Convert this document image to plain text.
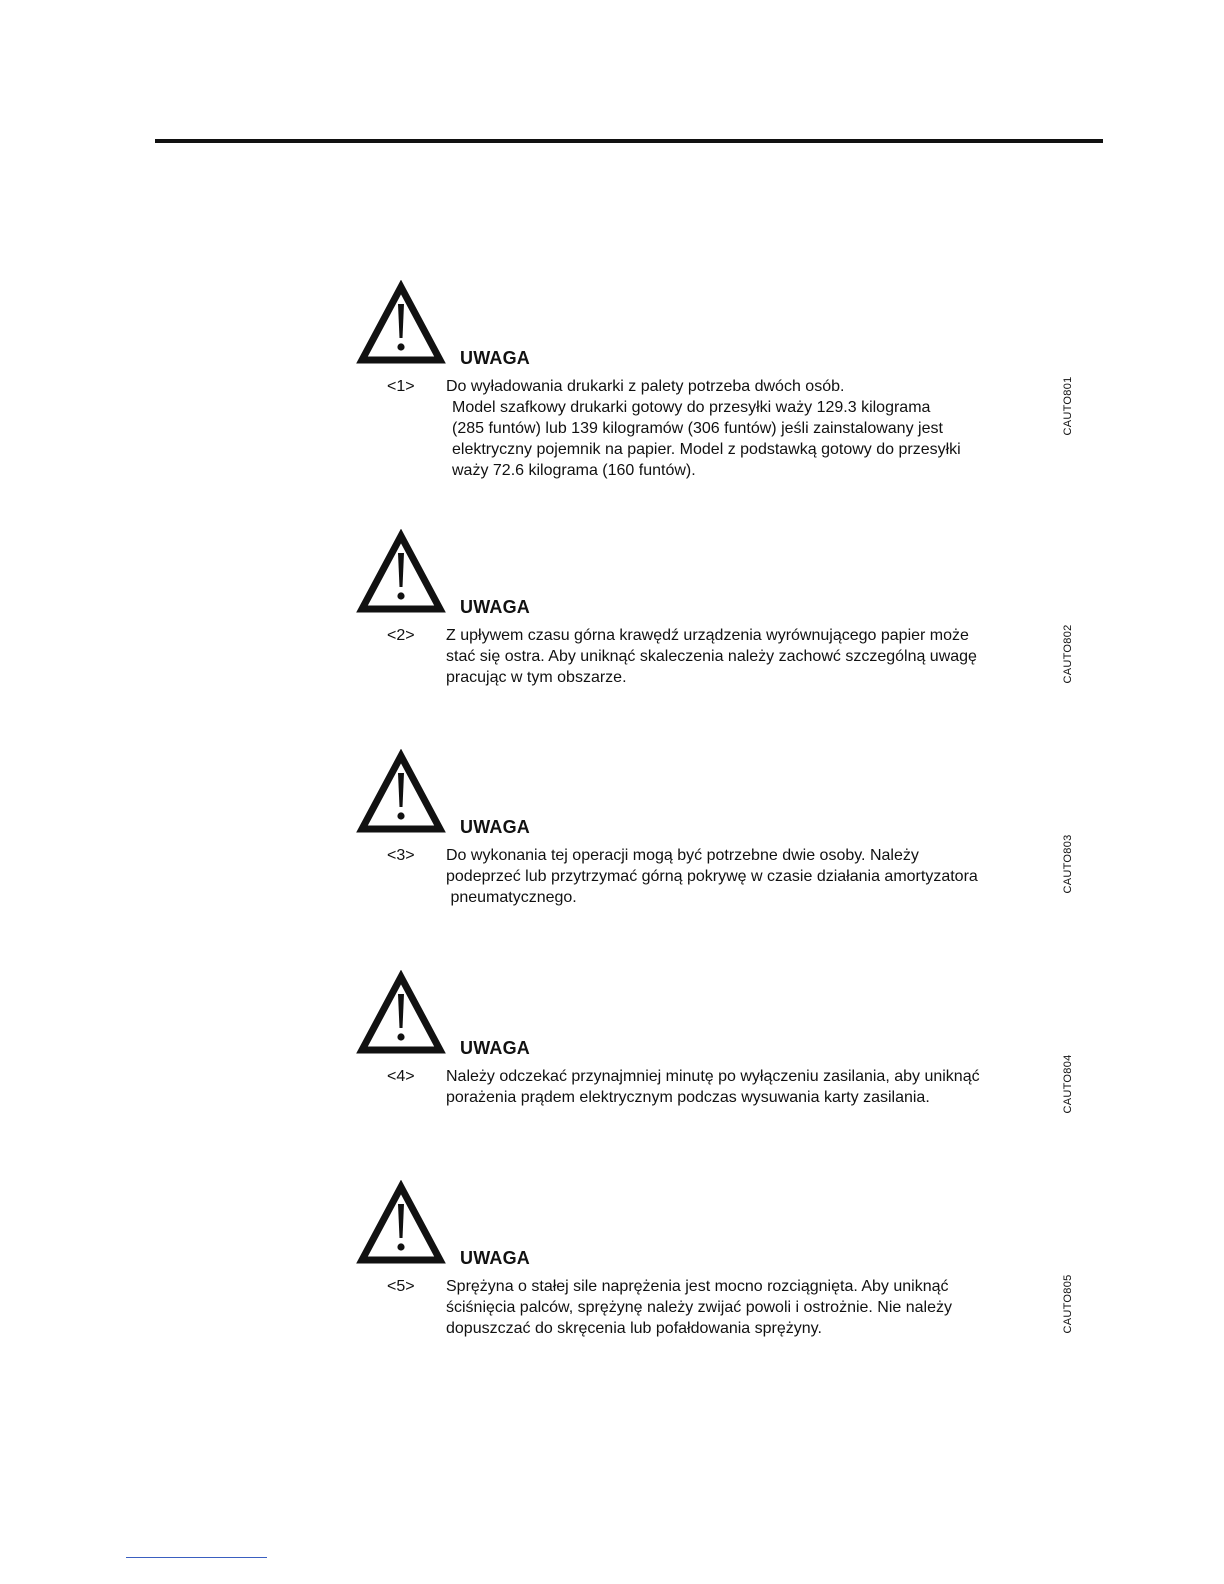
UWAGA
<1> Do wyładowania drukarki z palety potrzeba dwóch osób.
Model szafkowy drukarki gotowy do przesyłki waży 129.3 kilograma
(285 funtów) lub 139 kilogramów (306 funtów) jeśli zainstalowany jest
elektryczny pojemnik na papier. Model z podstawką gotowy do przesyłki
waży 72.6 kilograma (160 funtów).
CAUTO801
UWAGA
<2> Z upływem czasu górna krawędź urządzenia wyrównującego papier może
stać się ostra. Aby uniknąć skaleczenia należy zachowć szczególną uwagę
pracując w tym obszarze.	CAUTO802
UWAGA
<3> Do wykonania tej operacji mogą być potrzebne dwie osoby. Należy
podeprzeć lub przytrzymać górną pokrywę w czasie działania amortyzatora
pneumatycznego.
CAUTO803
UWAGA
<4> Należy odczekać przynajmniej minutę po wyłączeniu zasilania, aby uniknąć
porażenia prądem elektrycznym podczas wysuwania karty zasilania.	CAUTO804
UWAGA
<5> Sprężyna o stałej sile naprężenia jest mocno rozciągnięta. Aby uniknąć
ściśnięcia palców, sprężynę należy zwijać powoli i ostrożnie. Nie należy
dopuszczać do skręcenia lub pofałdowania sprężyny.	CAUTO805
